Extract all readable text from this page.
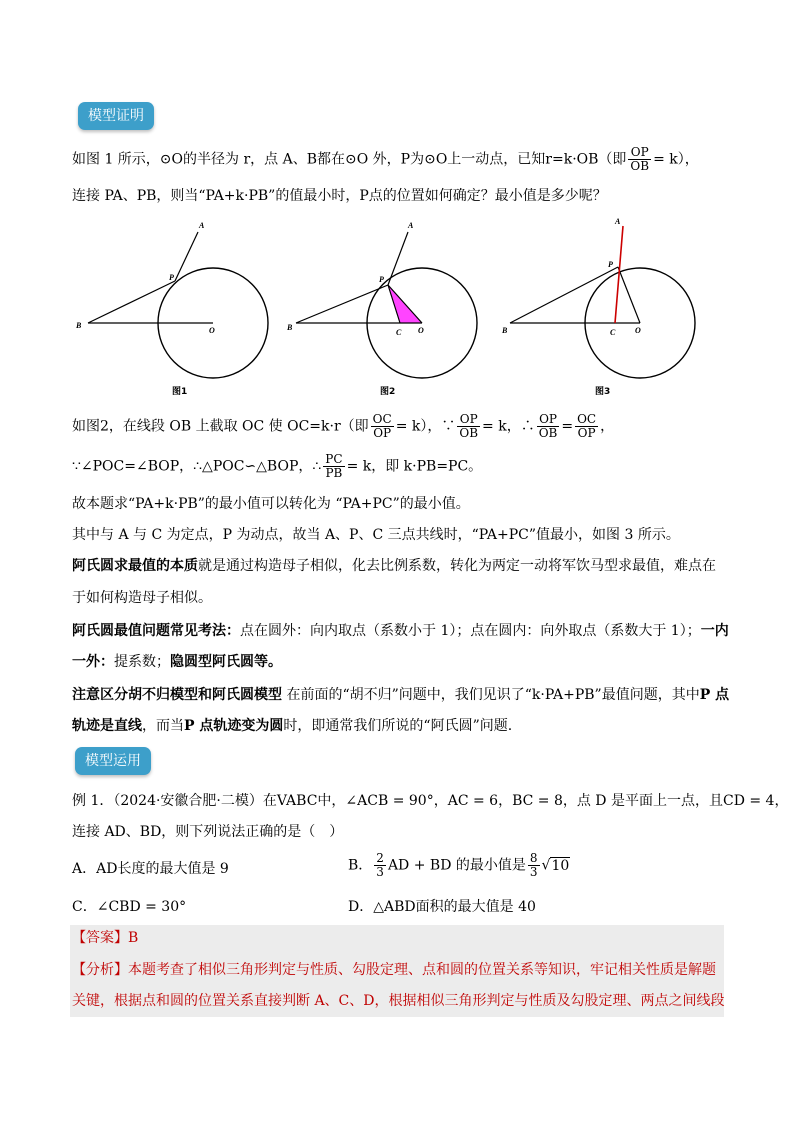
模型证明
如图 1 所示，⊙O的半径为 r，点 A、B都在⊙O 外，P为⊙O上一动点，已知r=k·OB（即 $\frac{OP}{OB} = k$），
连接 PA、PB，则当“PA+k·PB”的值最小时，P点的位置如何确定？最小值是多少呢？
A
P
B
O
A
P
B
C O
A
P
B	C O
图1	图2	图3
如图2，在线段 OB 上截取 OC 使 OC=k·r（即 $\frac{OC}{OP} = k$），∵ $\frac{OP}{OB} = k$，∴ $\frac{OP}{OB} = \frac{OC}{OP}$ ，
∵∠POC=∠BOP，∴△POC∽△BOP，∴ $\frac{PC}{PB} = k$，即 k·PB=PC。
故本题求“PA+k·PB”的最小值可以转化为 “PA+PC”的最小值。
其中与 A 与 C 为定点，P 为动点，故当 A、P、C 三点共线时，“PA+PC”值最小，如图 3 所示。
阿氏圆求最值的本质就是通过构造母子相似，化去比例系数，转化为两定一动将军饮马型求最值，难点在
于如何构造母子相似。
阿氏圆最值问题常见考法：点在圆外：向内取点（系数小于 1）；点在圆内：向外取点（系数大于 1）；一内
一外：提系数；隐圆型阿氏圆等。
注意区分胡不归模型和阿氏圆模型 在前面的“胡不归”问题中，我们见识了“k·PA+PB”最值问题，其中P 点
轨迹是直线，而当P 点轨迹变为圆时，即通常我们所说的“阿氏圆”问题.
模型运用
例 1．（2024·安徽合肥·二模）在VABC中，∠ACB = 90°，AC = 6，BC = 8，点 D 是平面上一点，且CD = 4，
连接 AD、BD，则下列说法正确的是（　）
A．AD长度的最大值是 9	B． $\frac{2}{3}$ AD + BD 的最小值是 $\frac{8}{3} √10$
C．∠CBD = 30°	D．△ABD面积的最大值是 40
【答案】B
【分析】本题考查了相似三角形判定与性质、勾股定理、点和圆的位置关系等知识，牢记相关性质是解题
关键，根据点和圆的位置关系直接判断 A、C、D，根据相似三角形判定与性质及勾股定理、两点之间线段
